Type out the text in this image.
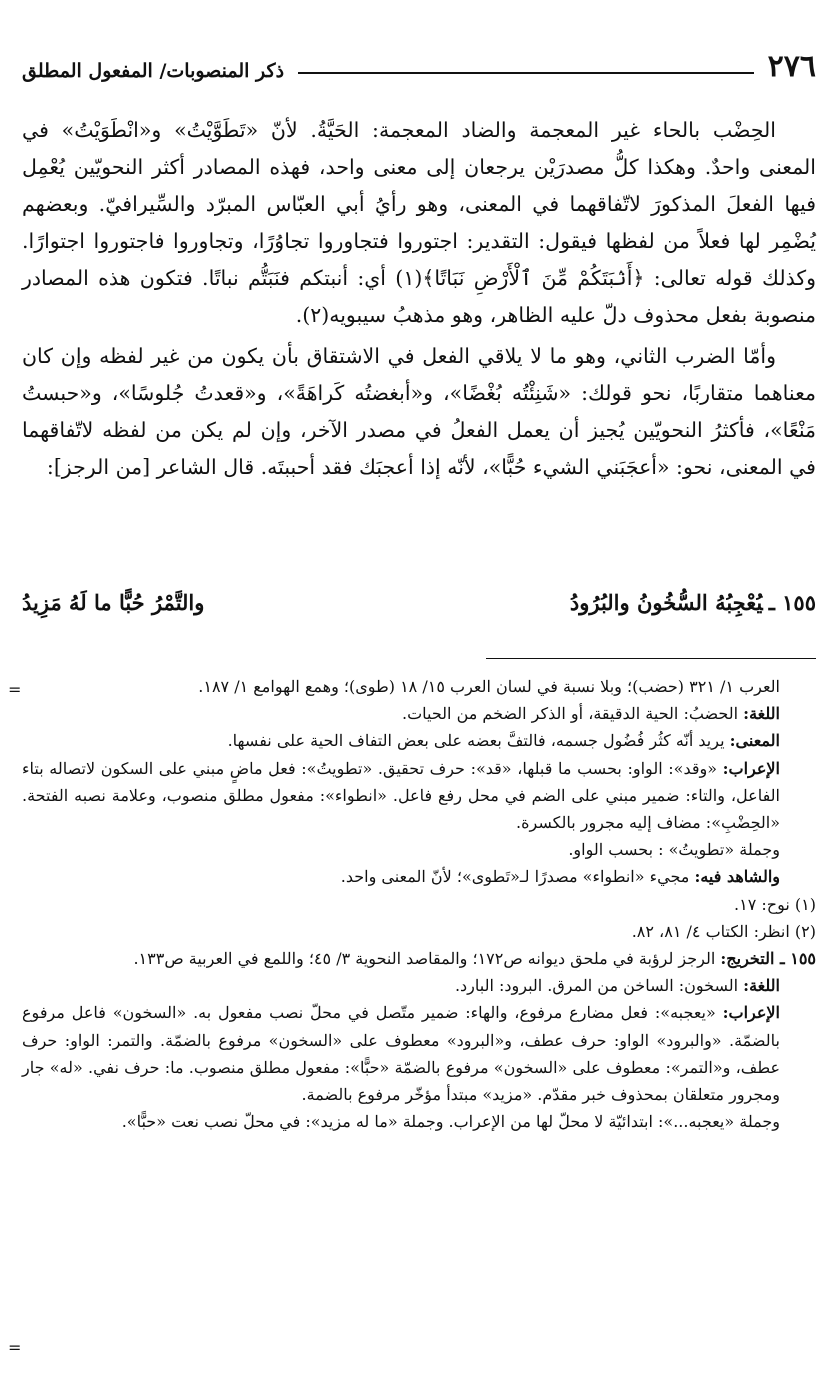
٢٧٦
ذكر المنصوبات/ المفعول المطلق

الحِضْب بالحاء غير المعجمة والضاد المعجمة: الحَيَّةُ. لأنّ «تَطَوَّيْتُ» و«انْطَوَيْتُ» في المعنى واحدٌ. وهكذا كلُّ مصدرَيْن يرجعان إلى معنى واحد، فهذه المصادر أكثر النحويّين يُعْمِل فيها الفعلَ المذكورَ لاتّفاقهما في المعنى، وهو رأيُ أبي العبّاس المبرّد والسِّيرافيّ. وبعضهم يُضْمِر لها فعلاً من لفظها فيقول: التقدير: اجتوروا فتجاوروا تجاوُرًا، وتجاوروا فاجتوروا اجتوارًا. وكذلك قوله تعالى: ﴿أَنۢبَتَكُمْ مِّنَ ٱلْأَرْضِ نَبَاتًا﴾(١) أي: أنبتكم فنَبَتُّم نباتًا. فتكون هذه المصادر منصوبة بفعل محذوف دلّ عليه الظاهر، وهو مذهبُ سيبويه(٢).

وأمّا الضرب الثاني، وهو ما لا يلاقي الفعل في الاشتقاق بأن يكون من غير لفظه وإن كان معناهما متقاربًا، نحو قولك: «شَنِئْتُه بُغْضًا»، و«أبغضتُه كَراهَةً»، و«قعدتُ جُلوسًا»، و«حبستُ مَنْعًا»، فأكثرُ النحويّين يُجيز أن يعمل الفعلُ في مصدر الآخر، وإن لم يكن من لفظه لاتّفاقهما في المعنى، نحو: «أعجَبَني الشيء حُبًّا»، لأنّه إذا أعجبَك فقد أحببتَه. قال الشاعر [من الرجز]:

١٥٥ ـيُعْجِبُهُ السُّخُونُ والبُرُودُ
والتَّمْرُ حُبًّا ما لَهُ مَزِيدُ

العرب ١/ ٣٢١ (حضب)؛ وبلا نسبة في لسان العرب ١٥/ ١٨ (طوى)؛ وهمع الهوامع ١/ ١٨٧.

اللغة: الحضبُ: الحية الدقيقة، أو الذكر الضخم من الحيات.

المعنى: يريد أنّه كثُر فُضُول جسمه، فالتفَّ بعضه على بعض التفاف الحية على نفسها.

الإعراب: «وقد»: الواو: بحسب ما قبلها، «قد»: حرف تحقيق. «تطويتُ»: فعل ماضٍ مبني على السكون لاتصاله بتاء الفاعل، والتاء: ضمير مبني على الضم في محل رفع فاعل. «انطواء»: مفعول مطلق منصوب، وعلامة نصبه الفتحة. «الحِضْبِ»: مضاف إليه مجرور بالكسرة.

وجملة «تطويتُ» : بحسب الواو.

والشاهد فيه: مجيء «انطواء» مصدرًا لـ«تَطوى»؛ لأنّ المعنى واحد.

(١) نوح: ١٧.

(٢) انظر: الكتاب ٤/ ٨١، ٨٢.

١٥٥ ـ التخريج: الرجز لرؤبة في ملحق ديوانه ص١٧٢؛ والمقاصد النحوية ٣/ ٤٥؛ واللمع في العربية ص١٣٣.

اللغة: السخون: الساخن من المرق. البرود: البارد.

الإعراب: «يعجبه»: فعل مضارع مرفوع، والهاء: ضمير متّصل في محلّ نصب مفعول به. «السخون» فاعل مرفوع بالضمّة. «والبرود» الواو: حرف عطف، و«البرود» معطوف على «السخون» مرفوع بالضمّة. والتمر: الواو: حرف عطف، و«التمر»: معطوف على «السخون» مرفوع بالضمّة «حبًّا»: مفعول مطلق منصوب. ما: حرف نفي. «له» جار ومجرور متعلقان بمحذوف خبر مقدّم. «مزيد» مبتدأ مؤخّر مرفوع بالضمة.

وجملة «يعجبه...»: ابتدائيّة لا محلّ لها من الإعراب. وجملة «ما له مزيد»: في محلّ نصب نعت «حبًّا».

=
=
